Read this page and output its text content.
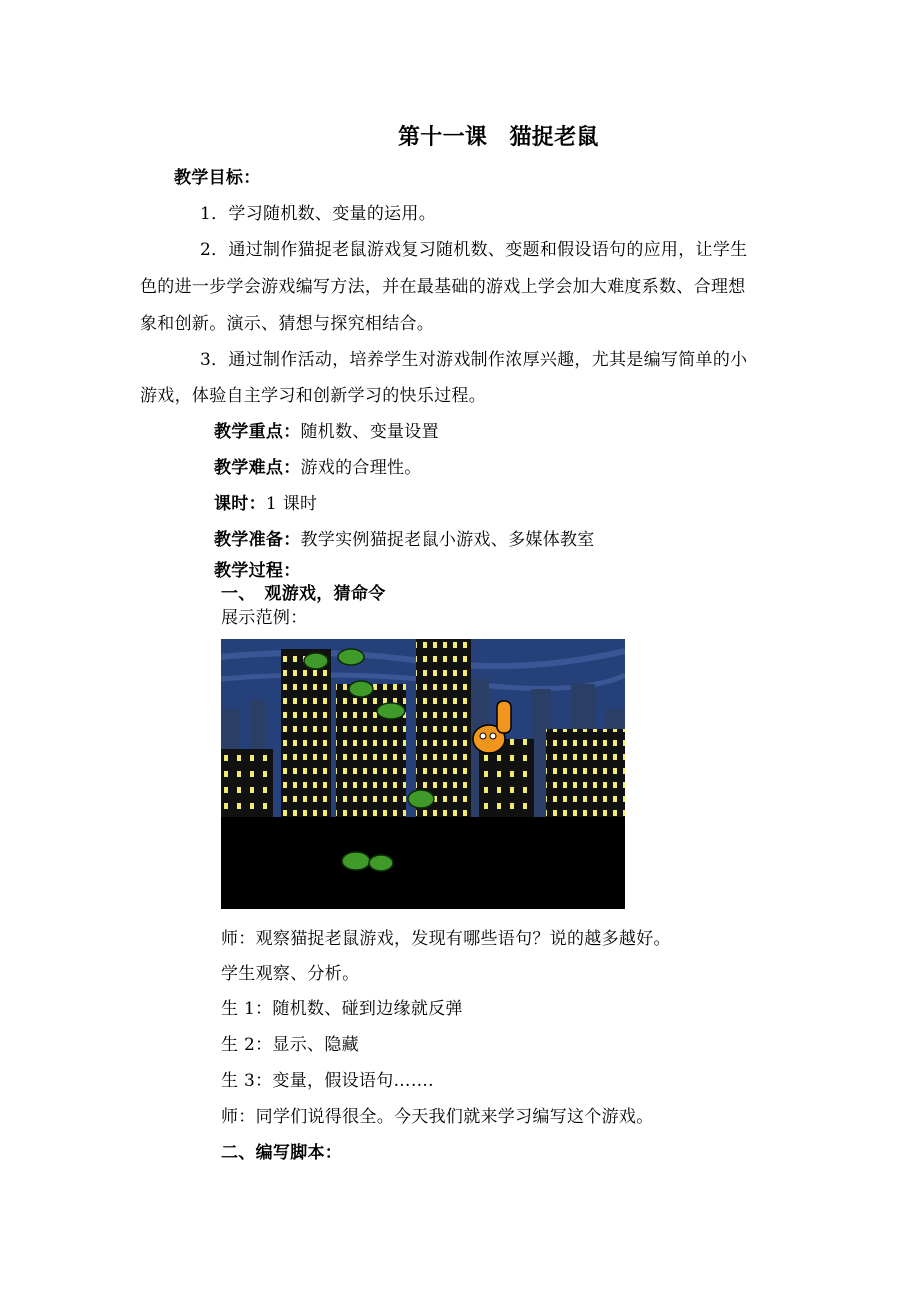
第十一课　猫捉老鼠
教学目标：
1．学习随机数、变量的运用。
2．通过制作猫捉老鼠游戏复习随机数、变题和假设语句的应用，让学生
色的进一步学会游戏编写方法，并在最基础的游戏上学会加大难度系数、合理想
象和创新。演示、猜想与探究相结合。
3．通过制作活动，培养学生对游戏制作浓厚兴趣，尤其是编写简单的小
游戏，体验自主学习和创新学习的快乐过程。
教学重点：随机数、变量设置
教学难点：游戏的合理性。
课时：1 课时
教学准备：教学实例猫捉老鼠小游戏、多媒体教室
教学过程：
一、　观游戏，猜命令
展示范例：
师：观察猫捉老鼠游戏，发现有哪些语句？说的越多越好。
学生观察、分析。
生 1：随机数、碰到边缘就反弹
生 2：显示、隐藏
生 3：变量，假设语句…….
师：同学们说得很全。今天我们就来学习编写这个游戏。
二、编写脚本：
